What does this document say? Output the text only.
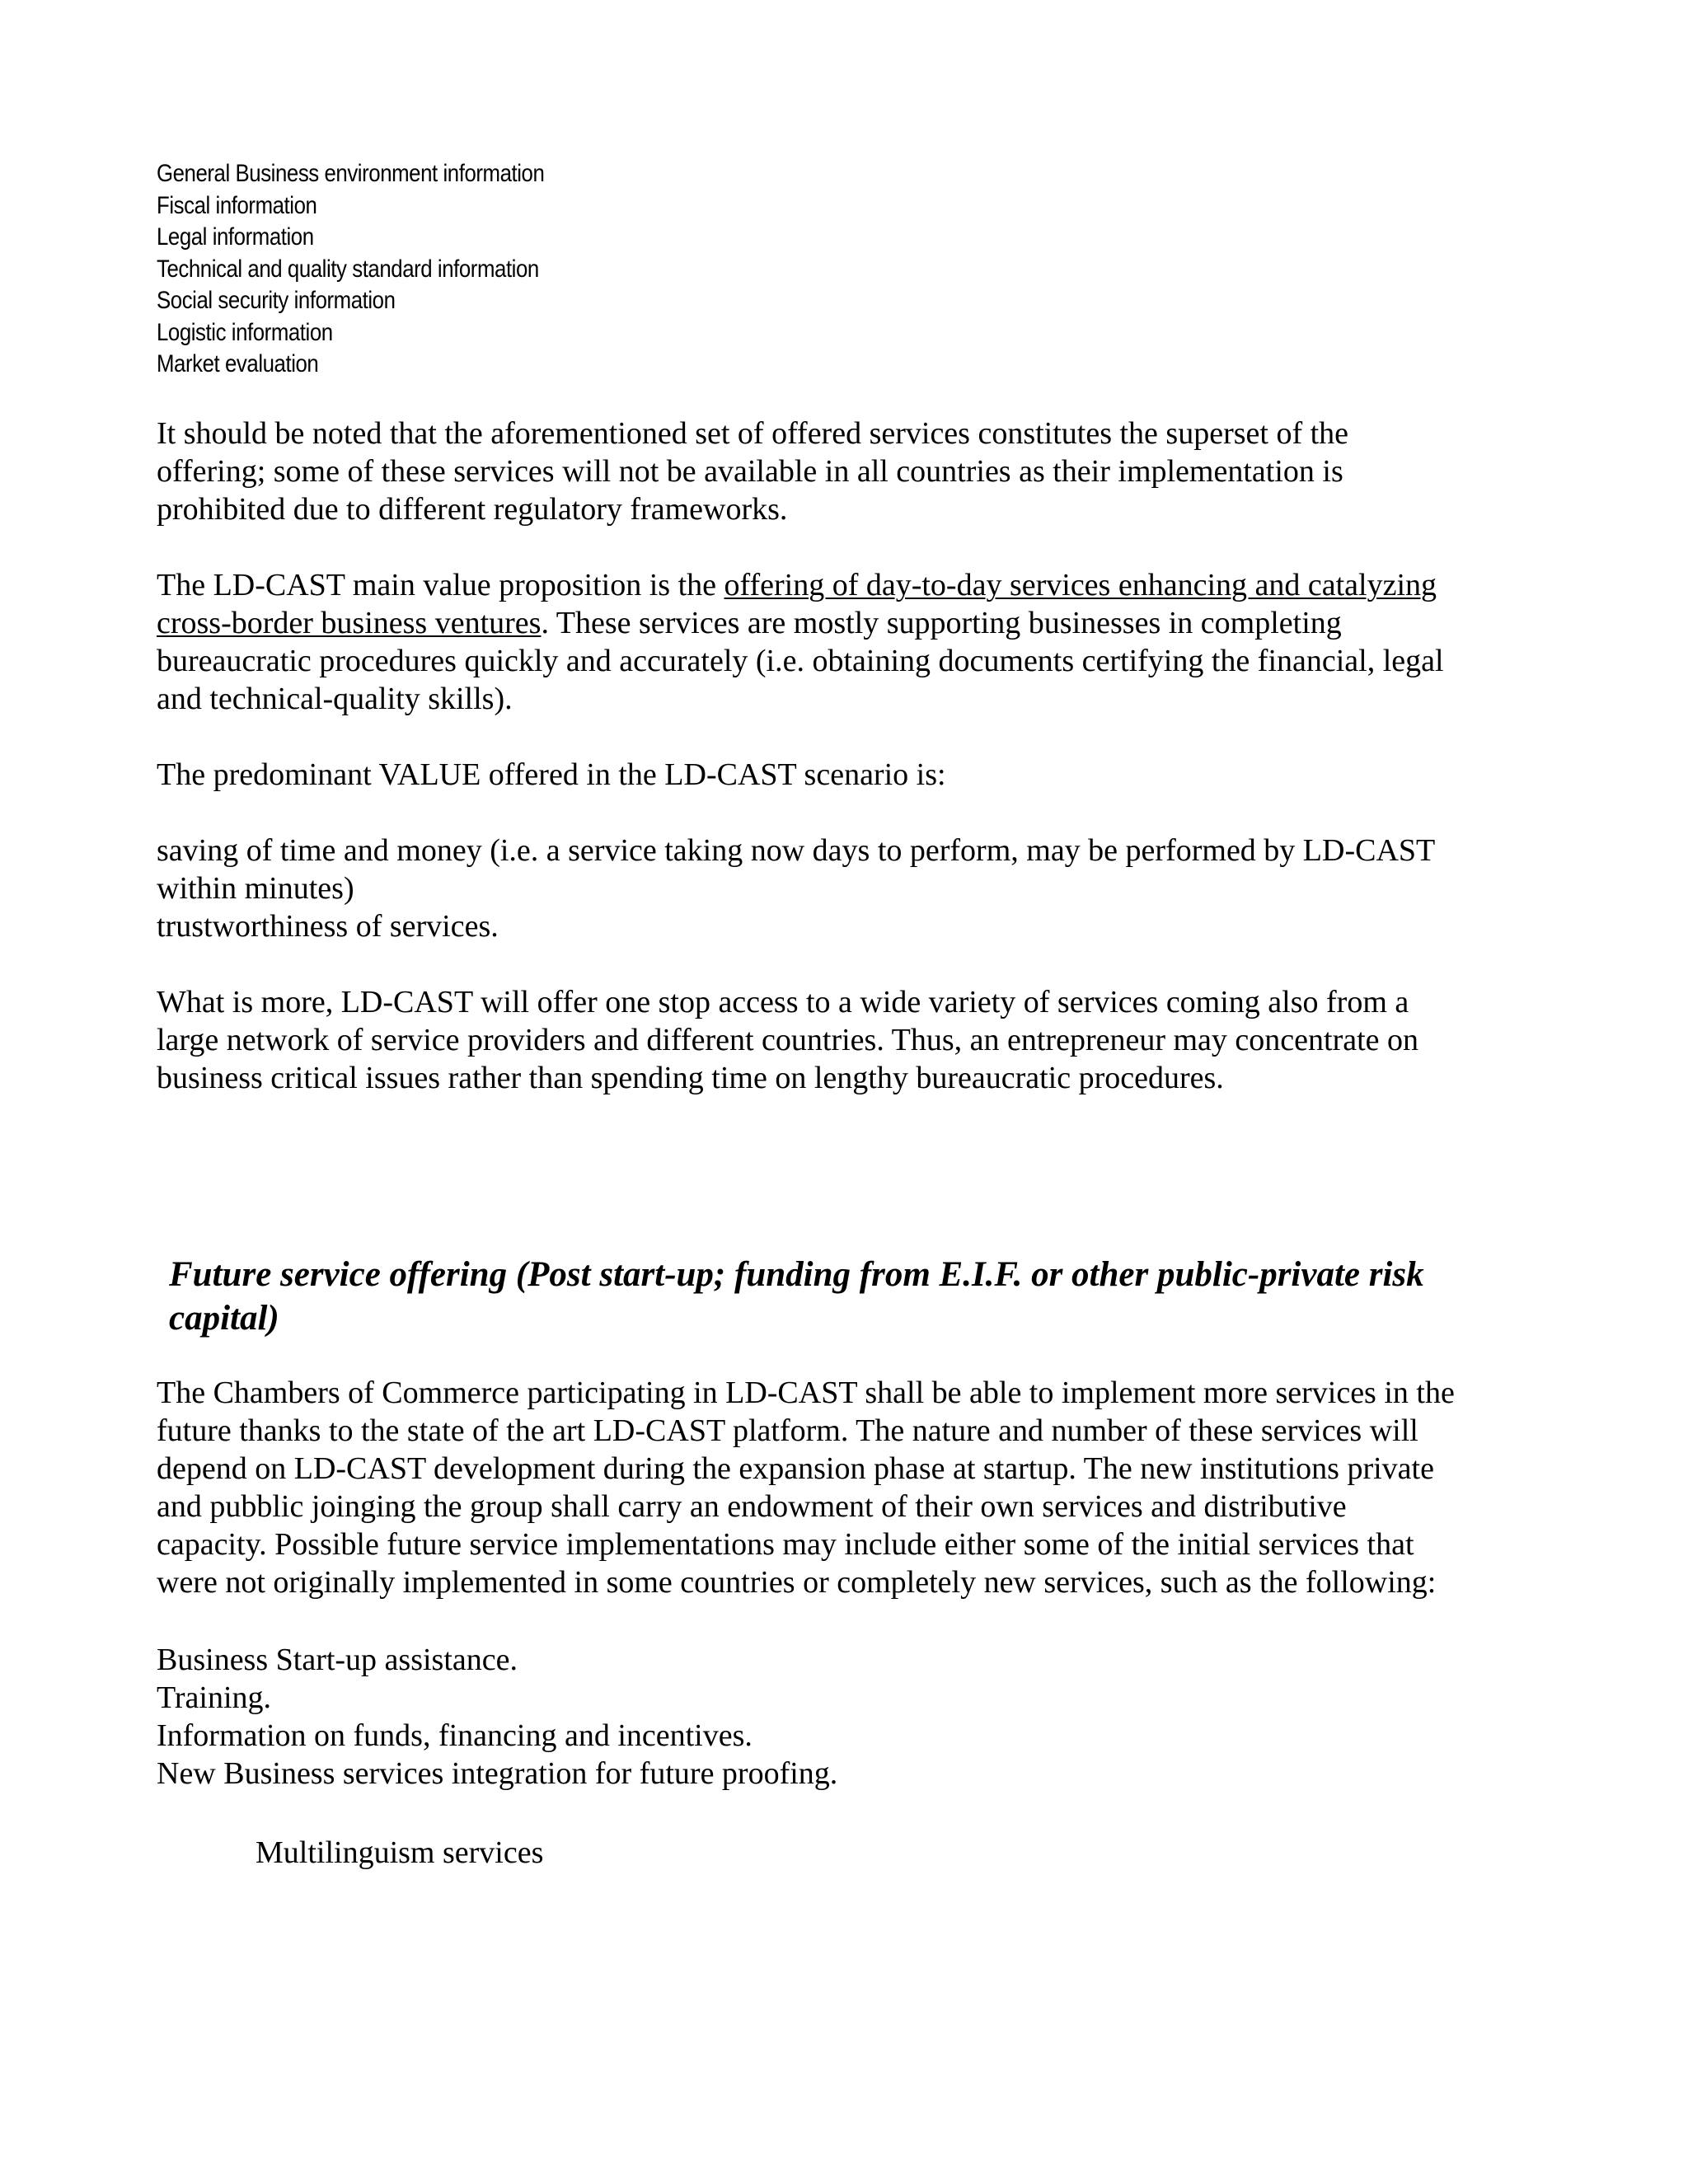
General Business environment information
Fiscal information
Legal information
Technical and quality standard information
Social security information
Logistic information
Market evaluation

It should be noted that the aforementioned set of offered services constitutes the superset of the
offering; some of these services will not be available in all countries as their implementation is
prohibited due to different regulatory frameworks.

The LD-CAST main value proposition is the offering of day-to-day services enhancing and catalyzing
cross-border business ventures. These services are mostly supporting businesses in completing
bureaucratic procedures quickly and accurately (i.e. obtaining documents certifying the financial, legal
and technical-quality skills).

The predominant VALUE offered in the LD-CAST scenario is:

saving of time and money (i.e. a service taking now days to perform, may be performed by LD-CAST
within minutes)
trustworthiness of services.

What is more, LD-CAST will offer one stop access to a wide variety of services coming also from a
large network of service providers and different countries. Thus, an entrepreneur may concentrate on
business critical issues rather than spending time on lengthy bureaucratic procedures.

Future service offering (Post start-up; funding from E.I.F. or other public-private risk
capital)

The Chambers of Commerce participating in LD-CAST shall be able to implement more services in the
future thanks to the state of the art LD-CAST platform. The nature and number of these services will
depend on LD-CAST development during the expansion phase at startup. The new institutions private
and pubblic joinging the group shall carry an endowment of their own services and distributive
capacity. Possible future service implementations may include either some of the initial services that
were not originally implemented in some countries or completely new services, such as the following:

Business Start-up assistance.
Training.
Information on funds, financing and incentives.
New Business services integration for future proofing.

Multilinguism services
